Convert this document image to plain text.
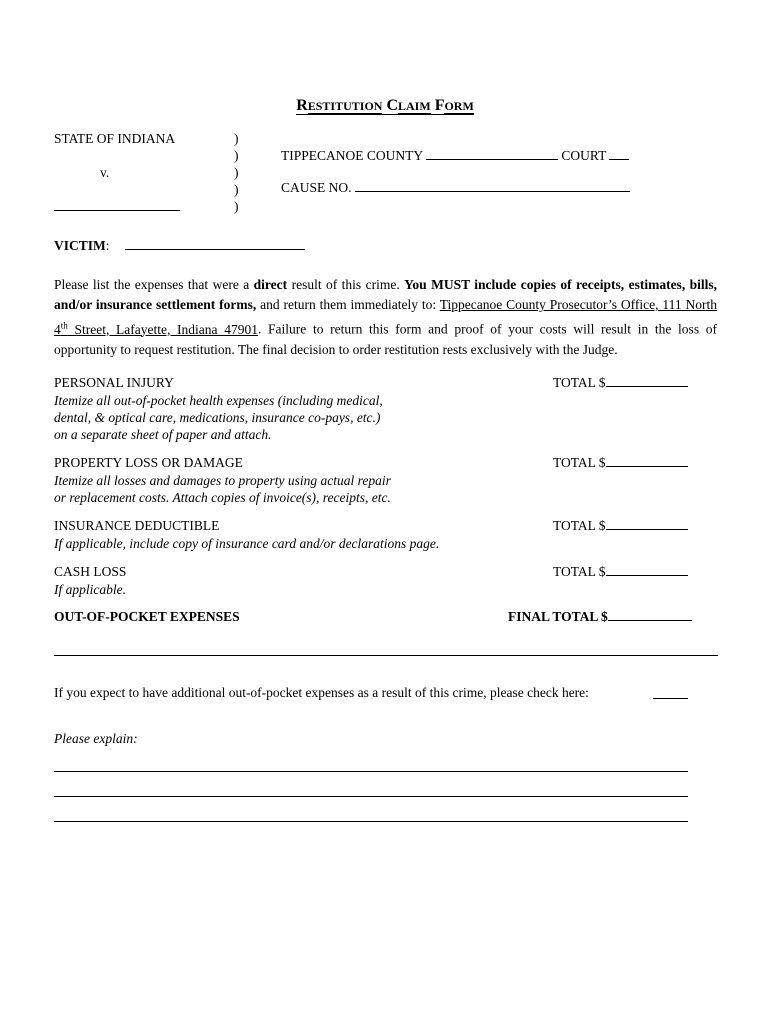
RESTITUTION CLAIM FORM
STATE OF INDIANA
v.
)
)
)
)
)
TIPPECANOE COUNTY	COURT
CAUSE NO.
VICTIM:
Please list the expenses that were a direct result of this crime. You MUST include copies of receipts, estimates, bills, and/or insurance settlement forms, and return them immediately to: Tippecanoe County Prosecutor’s Office, 111 North 4th Street, Lafayette, Indiana 47901. Failure to return this form and proof of your costs will result in the loss of opportunity to request restitution. The final decision to order restitution rests exclusively with the Judge.
PERSONAL INJURY	TOTAL $
Itemize all out-of-pocket health expenses (including medical,
dental, & optical care, medications, insurance co-pays, etc.)
on a separate sheet of paper and attach.
PROPERTY LOSS OR DAMAGE	TOTAL $
Itemize all losses and damages to property using actual repair
or replacement costs. Attach copies of invoice(s), receipts, etc.
INSURANCE DEDUCTIBLE	TOTAL $
If applicable, include copy of insurance card and/or declarations page.
CASH LOSS	TOTAL $
If applicable.
OUT-OF-POCKET EXPENSES	FINAL TOTAL $
If you expect to have additional out-of-pocket expenses as a result of this crime, please check here:
Please explain:
